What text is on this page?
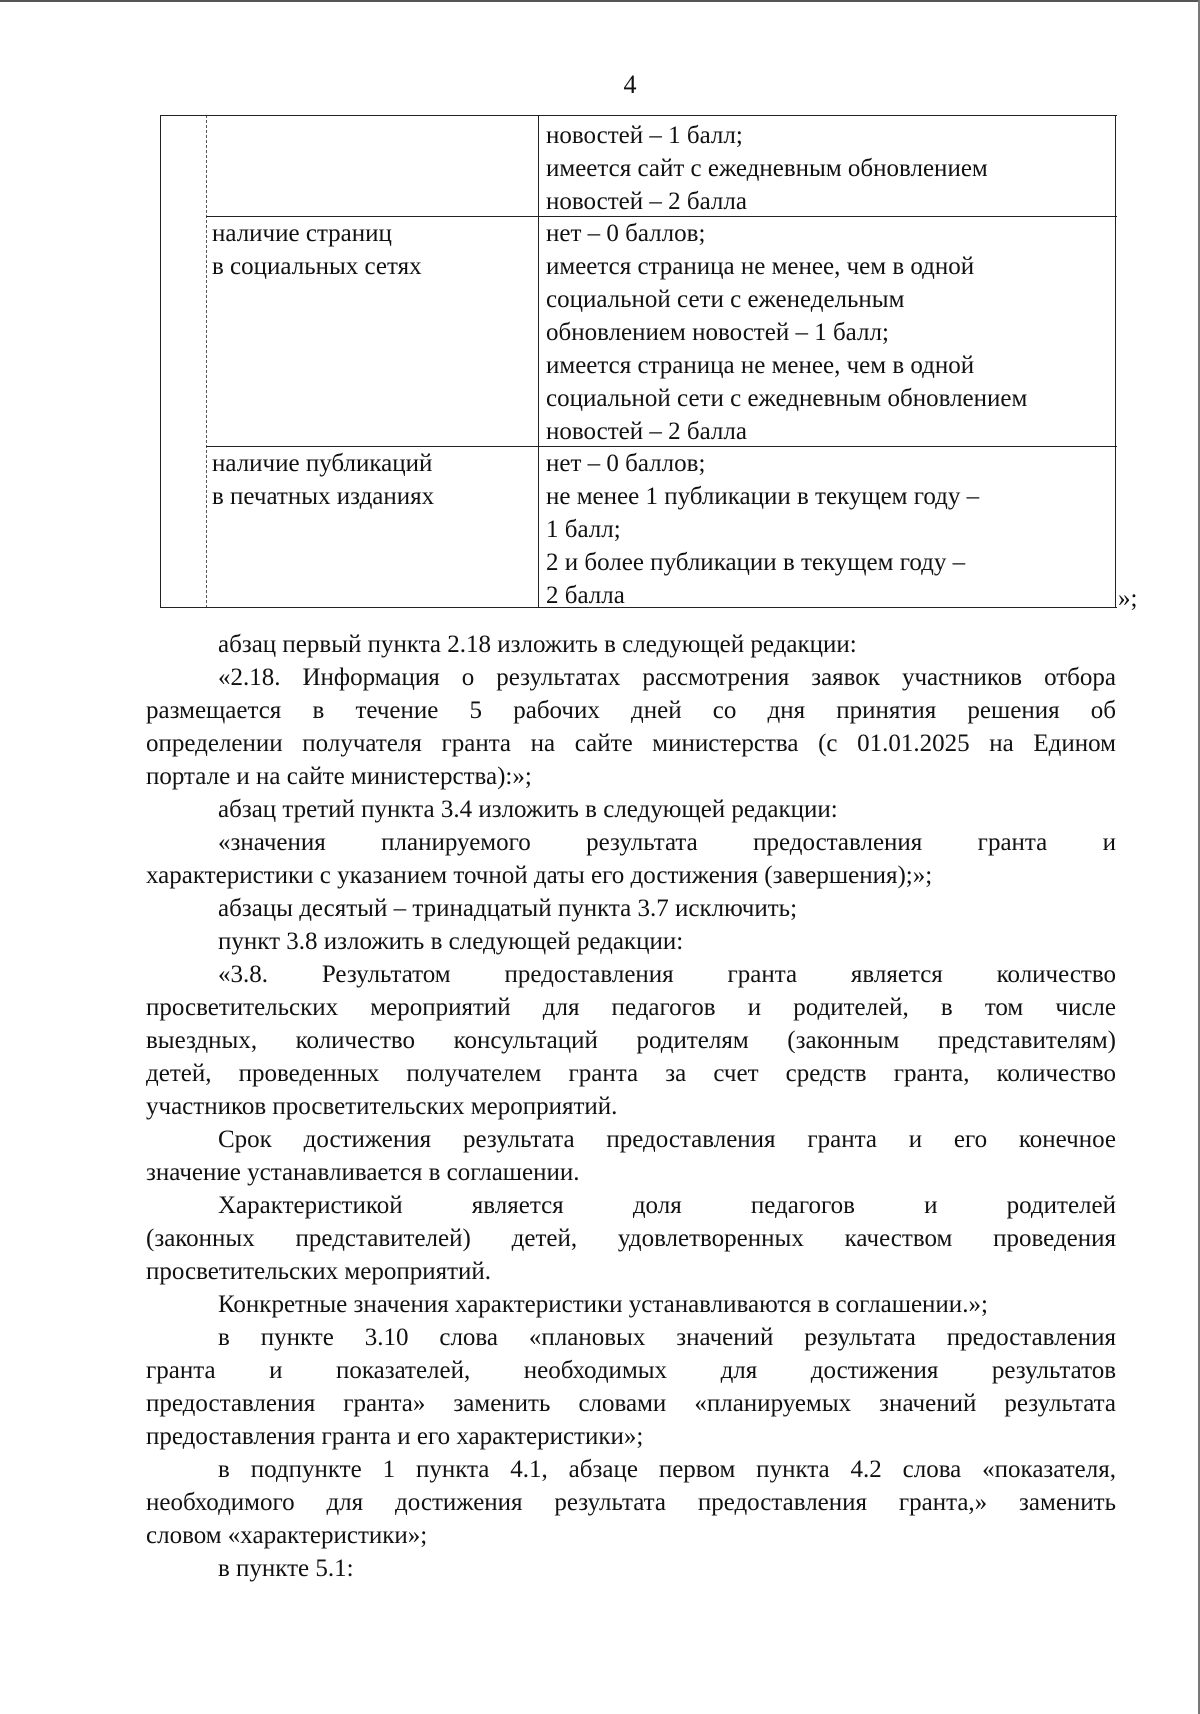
4
новостей – 1 балл;
имеется сайт с ежедневным обновлением
новостей – 2 балла
наличие страниц
в социальных сетях
нет – 0 баллов;
имеется страница не менее, чем в одной
социальной сети с еженедельным
обновлением новостей – 1 балл;
имеется страница не менее, чем в одной
социальной сети с ежедневным обновлением
новостей – 2 балла
наличие публикаций
в печатных изданиях
нет – 0 баллов;
не менее 1 публикации в текущем году –
1 балл;
2 и более публикации в текущем году –
2 балла	»;
абзац первый пункта 2.18 изложить в следующей редакции:
«2.18. Информация о результатах рассмотрения заявок участников отбора
размещается в течение 5 рабочих дней со дня принятия решения об
определении получателя гранта на сайте министерства (с 01.01.2025 на Едином
портале и на сайте министерства):»;
абзац третий пункта 3.4 изложить в следующей редакции:
«значения планируемого результата предоставления гранта и
характеристики с указанием точной даты его достижения (завершения);»;
абзацы десятый – тринадцатый пункта 3.7 исключить;
пункт 3.8 изложить в следующей редакции:
«3.8. Результатом предоставления гранта является количество
просветительских мероприятий для педагогов и родителей, в том числе
выездных, количество консультаций родителям (законным представителям)
детей, проведенных получателем гранта за счет средств гранта, количество
участников просветительских мероприятий.
Срок достижения результата предоставления гранта и его конечное
значение устанавливается в соглашении.
Характеристикой является доля педагогов и родителей
(законных представителей) детей, удовлетворенных качеством проведения
просветительских мероприятий.
Конкретные значения характеристики устанавливаются в соглашении.»;
в пункте 3.10 слова «плановых значений результата предоставления
гранта и показателей, необходимых для достижения результатов
предоставления гранта» заменить словами «планируемых значений результата
предоставления гранта и его характеристики»;
в подпункте 1 пункта 4.1, абзаце первом пункта 4.2 слова «показателя,
необходимого для достижения результата предоставления гранта,» заменить
словом «характеристики»;
в пункте 5.1:
